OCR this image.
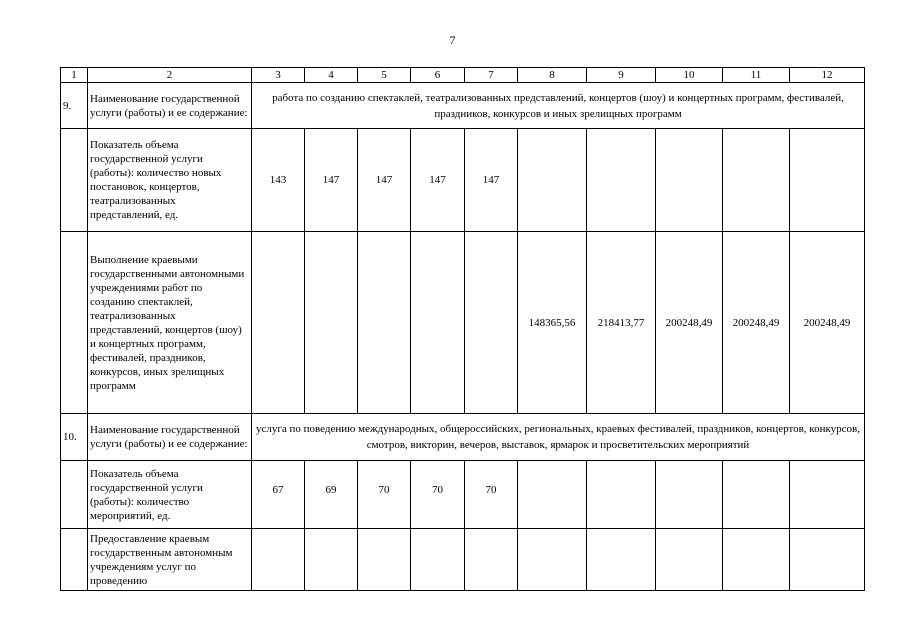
7
1	2	3	4	5	6	7	8	9	10	11	12
9.	Наименование государственной услуги (работы) и ее содержание:	работа по созданию спектаклей, театрализованных представлений, концертов (шоу) и концертных программ, фестивалей, праздников, конкурсов и иных зрелищных программ									
	Показатель объема государственной услуги (работы): количество новых постановок, концертов, театрализованных представлений, ед.	143	147	147	147	147					
	Выполнение краевыми государственными автономными учреждениями работ по созданию спектаклей, театрализованных представлений, концертов (шоу) и концертных программ, фестивалей, праздников, конкурсов, иных зрелищных программ						148365,56	218413,77	200248,49	200248,49	200248,49
10.	Наименование государственной услуги (работы) и ее содержание:	услуга по поведению международных, общероссийских, региональных, краевых фестивалей, праздников, концертов, конкурсов, смотров, викторин, вечеров, выставок, ярмарок и просветительских мероприятий									
	Показатель объема государственной услуги (работы): количество мероприятий, ед.	67	69	70	70	70					
	Предоставление краевым государственным автономным учреждениям услуг по проведению										
